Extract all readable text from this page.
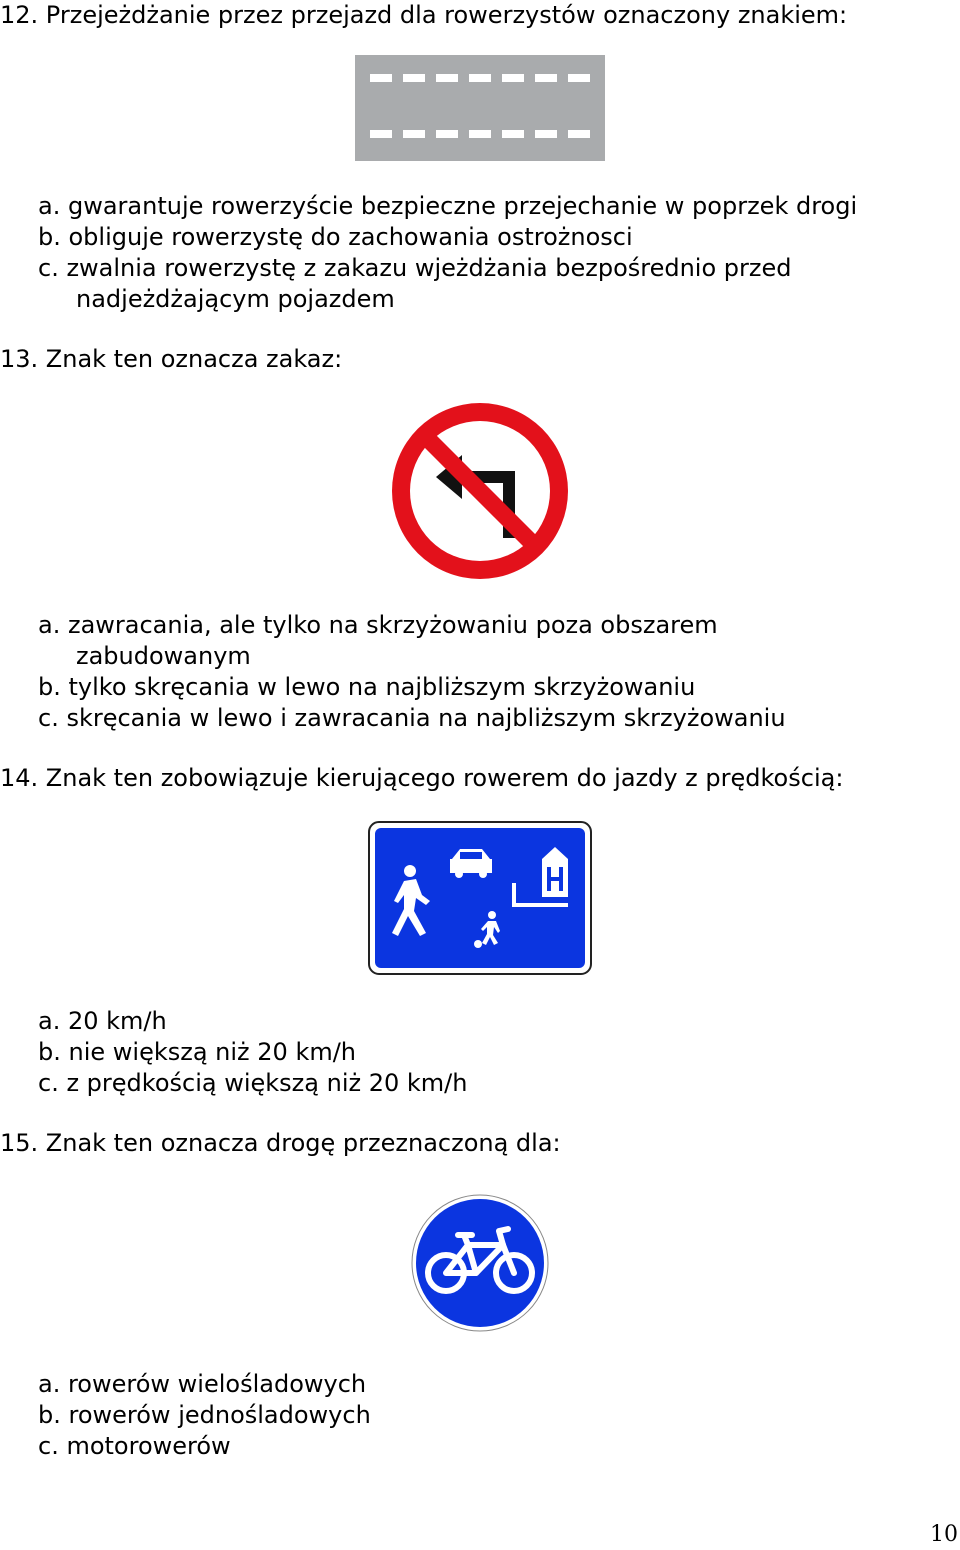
12. Przejeżdżanie przez przejazd dla rowerzystów oznaczony znakiem:
a. gwarantuje rowerzyście bezpieczne przejechanie w poprzek drogi
b. obliguje rowerzystę do zachowania ostrożnosci
c. zwalnia rowerzystę z zakazu wjeżdżania bezpośrednio przed
nadjeżdżającym pojazdem
13. Znak ten oznacza zakaz:
a. zawracania, ale tylko na skrzyżowaniu poza obszarem
zabudowanym
b. tylko skręcania w lewo na najbliższym skrzyżowaniu
c. skręcania w lewo i zawracania na najbliższym skrzyżowaniu
14. Znak ten zobowiązuje kierującego rowerem do jazdy z prędkością:
a. 20 km/h
b. nie większą niż 20 km/h
c. z prędkością większą niż 20 km/h
15. Znak ten oznacza drogę przeznaczoną dla:
a. rowerów wielośladowych
b. rowerów jednośladowych
c. motorowerów
10
